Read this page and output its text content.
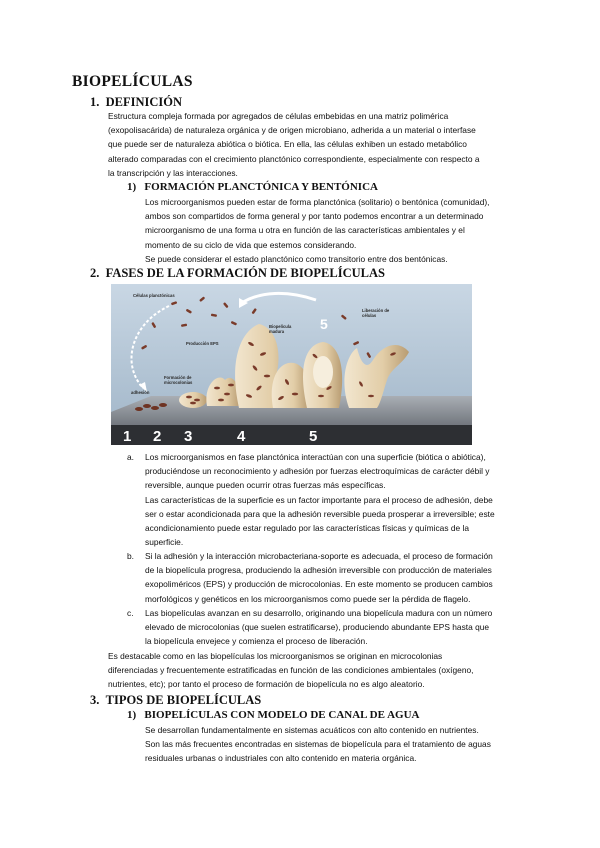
BIOPELÍCULAS
1. DEFINICIÓN
Estructura compleja formada por agregados de células embebidas en una matriz polimérica
(exopolisacárida) de naturaleza orgánica y de origen microbiano, adherida a un material o interfase
que puede ser de naturaleza abiótica o biótica. En ella, las células exhiben un estado metabólico
alterado comparadas con el crecimiento planctónico correspondiente, especialmente con respecto a
la transcripción y las interacciones.
1) FORMACIÓN PLANCTÓNICA Y BENTÓNICA
Los microorganismos pueden estar de forma planctónica (solitario) o bentónica (comunidad),
ambos son compartidos de forma general y por tanto podemos encontrar a un determinado
microorganismo de una forma u otra en función de las características ambientales y el
momento de su ciclo de vida que estemos considerando.
Se puede considerar el estado planctónico como transitorio entre dos bentónicas.
2. FASES DE LA FORMACIÓN DE BIOPELÍCULAS
Células planctónicas
Producción EPS
Biopelícula
madura
Liberación de
células
Formación de
microcolonias
adhesión
5
1 2 3	4	5
a. Los microorganismos en fase planctónica interactúan con una superficie (biótica o abiótica),
produciéndose un reconocimiento y adhesión por fuerzas electroquímicas de carácter débil y
reversible, aunque pueden ocurrir otras fuerzas más específicas.
Las características de la superficie es un factor importante para el proceso de adhesión, debe
ser o estar acondicionada para que la adhesión reversible pueda prosperar a irreversible; este
acondicionamiento puede estar regulado por las características físicas y químicas de la
superficie.
b. Si la adhesión y la interacción microbacteriana-soporte es adecuada, el proceso de formación
de la biopelícula progresa, produciendo la adhesión irreversible con producción de materiales
exopoliméricos (EPS) y producción de microcolonias. En este momento se producen cambios
morfológicos y genéticos en los microorganismos como puede ser la pérdida de flagelo.
c. Las biopelículas avanzan en su desarrollo, originando una biopelícula madura con un número
elevado de microcolonias (que suelen estratificarse), produciendo abundante EPS hasta que
la biopelícula envejece y comienza el proceso de liberación.
Es destacable como en las biopelículas los microorganismos se originan en microcolonias
diferenciadas y frecuentemente estratificadas en función de las condiciones ambientales (oxígeno,
nutrientes, etc); por tanto el proceso de formación de biopelícula no es algo aleatorio.
3. TIPOS DE BIOPELÍCULAS
1) BIOPELÍCULAS CON MODELO DE CANAL DE AGUA
Se desarrollan fundamentalmente en sistemas acuáticos con alto contenido en nutrientes.
Son las más frecuentes encontradas en sistemas de biopelícula para el tratamiento de aguas
residuales urbanas o industriales con alto contenido en materia orgánica.
